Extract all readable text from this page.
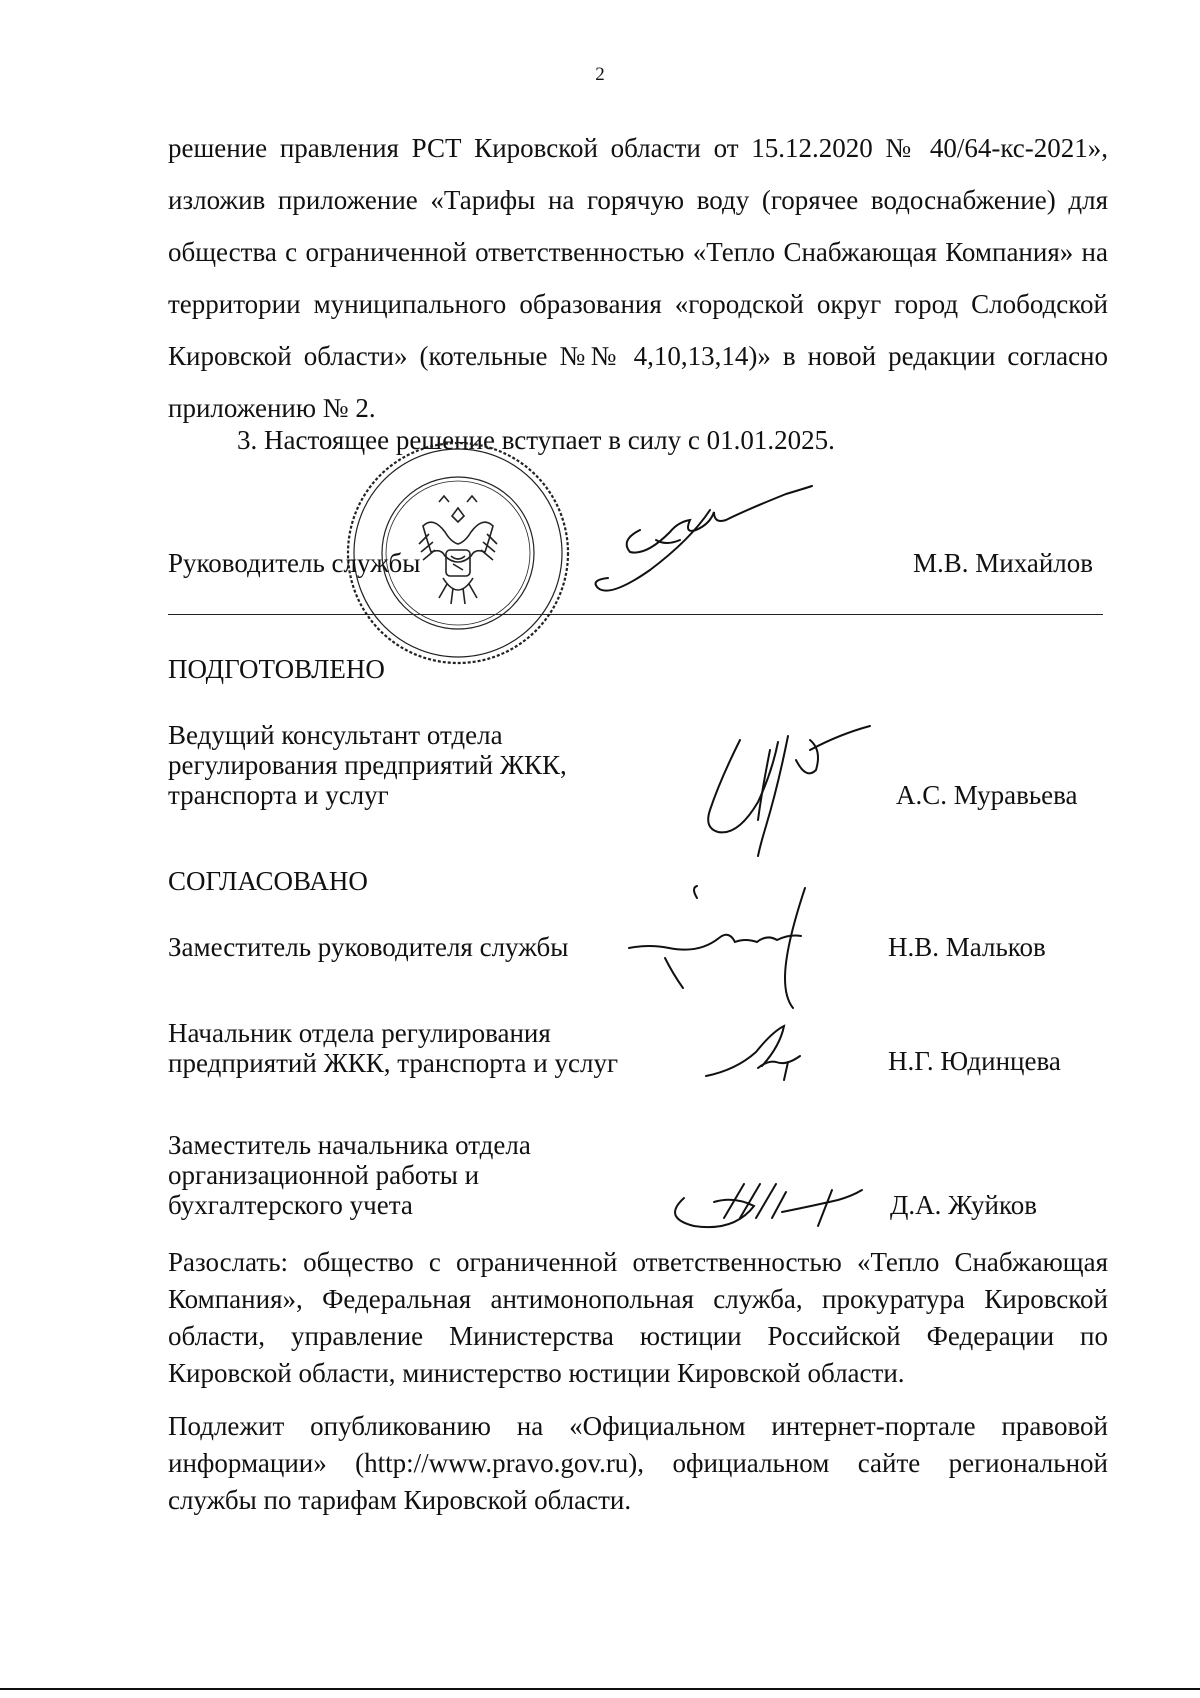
2
решение правления РСТ Кировской области от 15.12.2020 № 40/64-кс-2021», изложив приложение «Тарифы на горячую воду (горячее водоснабжение) для общества с ограниченной ответственностью «Тепло Снабжающая Компания» на территории муниципального образования «городской округ город Слободской Кировской области» (котельные №№ 4,10,13,14)» в новой редакции согласно приложению № 2.
3. Настоящее решение вступает в силу с 01.01.2025.
Руководитель службы	М.В. Михайлов
ПОДГОТОВЛЕНО
Ведущий консультант отдела
регулирования предприятий ЖКК,
транспорта и услуг	А.С. Муравьева
СОГЛАСОВАНО
Заместитель руководителя службы	Н.В. Мальков
Начальник отдела регулирования
предприятий ЖКК, транспорта и услуг	Н.Г. Юдинцева
Заместитель начальника отдела
организационной работы и
бухгалтерского учета	Д.А. Жуйков
Разослать: общество с ограниченной ответственностью «Тепло Снабжающая Компания», Федеральная антимонопольная служба, прокуратура Кировской области, управление Министерства юстиции Российской Федерации по Кировской области, министерство юстиции Кировской области.
Подлежит опубликованию на «Официальном интернет-портале правовой информации» (http://www.pravo.gov.ru), официальном сайте региональной службы по тарифам Кировской области.
